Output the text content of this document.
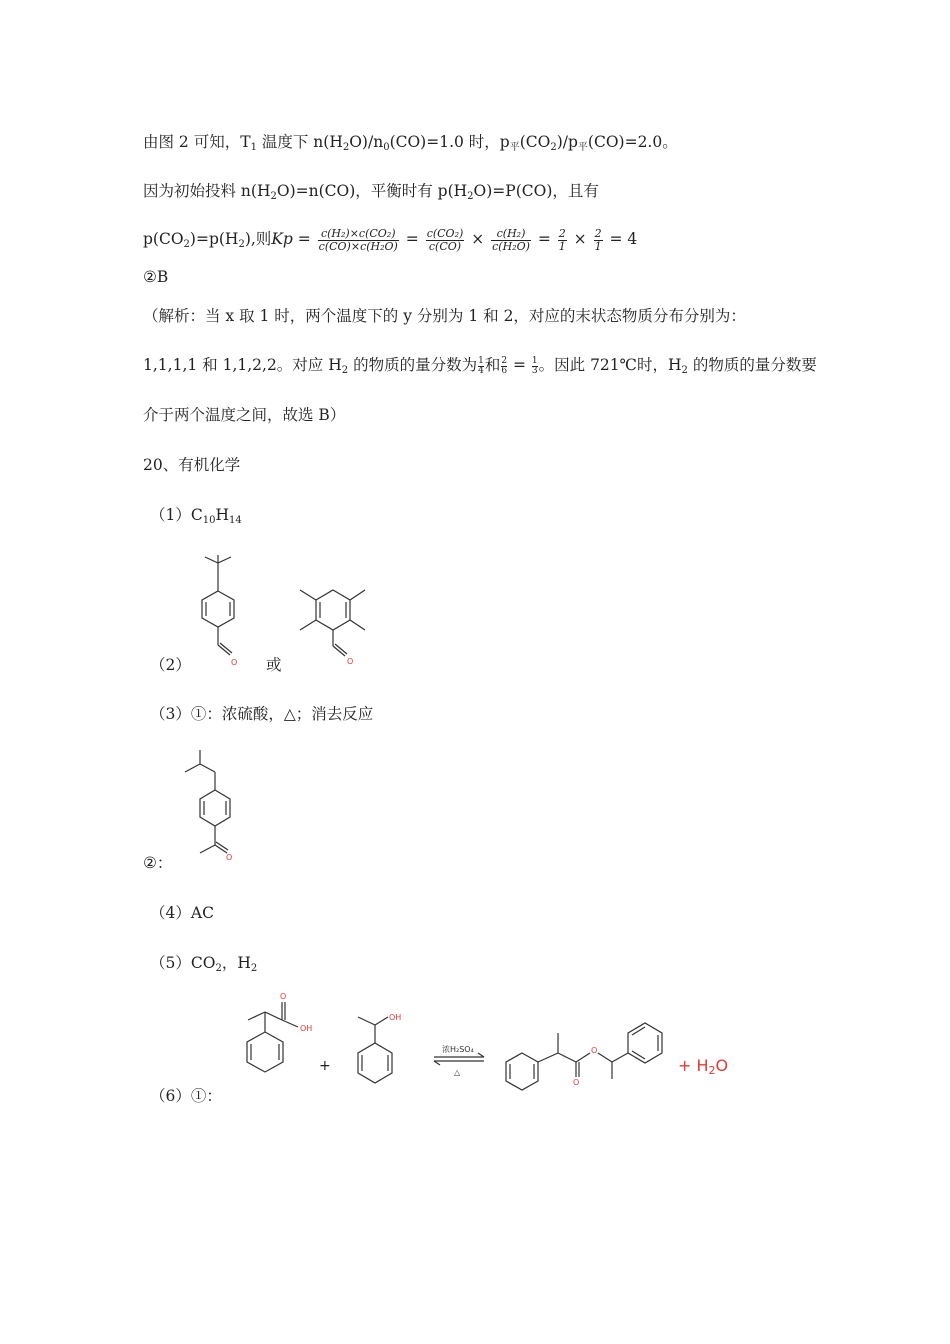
由图 2 可知，$T_1$ 温度下 $n(H_2O)/n_0(CO)=1.0$ 时，$p_平(CO_2)/p_平(CO)=2.0$。
因为初始投料 $n(H_2O)=n(CO)$，平衡时有 $p(H_2O)=P(CO)$，且有
$p(CO_2)=p(H_2)$,则$Kp = \frac{\text{c(H₂)×c(CO₂)}}{\text{c(CO)×c(H₂O)}} = \frac{\text{c(CO₂)}}{c(CO)} \times \frac{\text{c(H₂)}}{\text{c(H₂O)}} = \frac{2}{1} \times \frac{2}{1} = 4$
②B
（解析：当 x 取 1 时，两个温度下的 y 分别为 1 和 2，对应的末状态物质分布分别为：
1,1,1,1 和 1,1,2,2。对应 $H_2$ 的物质的量分数为 $\frac{1}{4}$和 $\frac{2}{6} = \frac{1}{3}$。因此 721℃时，$H_2$ 的物质的量分数要
介于两个温度之间，故选 B）
20、有机化学
$(1)C_{10}H_{14}$
（2）	或
O	O
（3）①：浓硫酸，△；消去反应
O
②：
（4）AC
$(5)CO_2$，$H_2$
（6）①：
O
OH
+
OH
浓H₂SO₄
△
O
O
+ H2O
